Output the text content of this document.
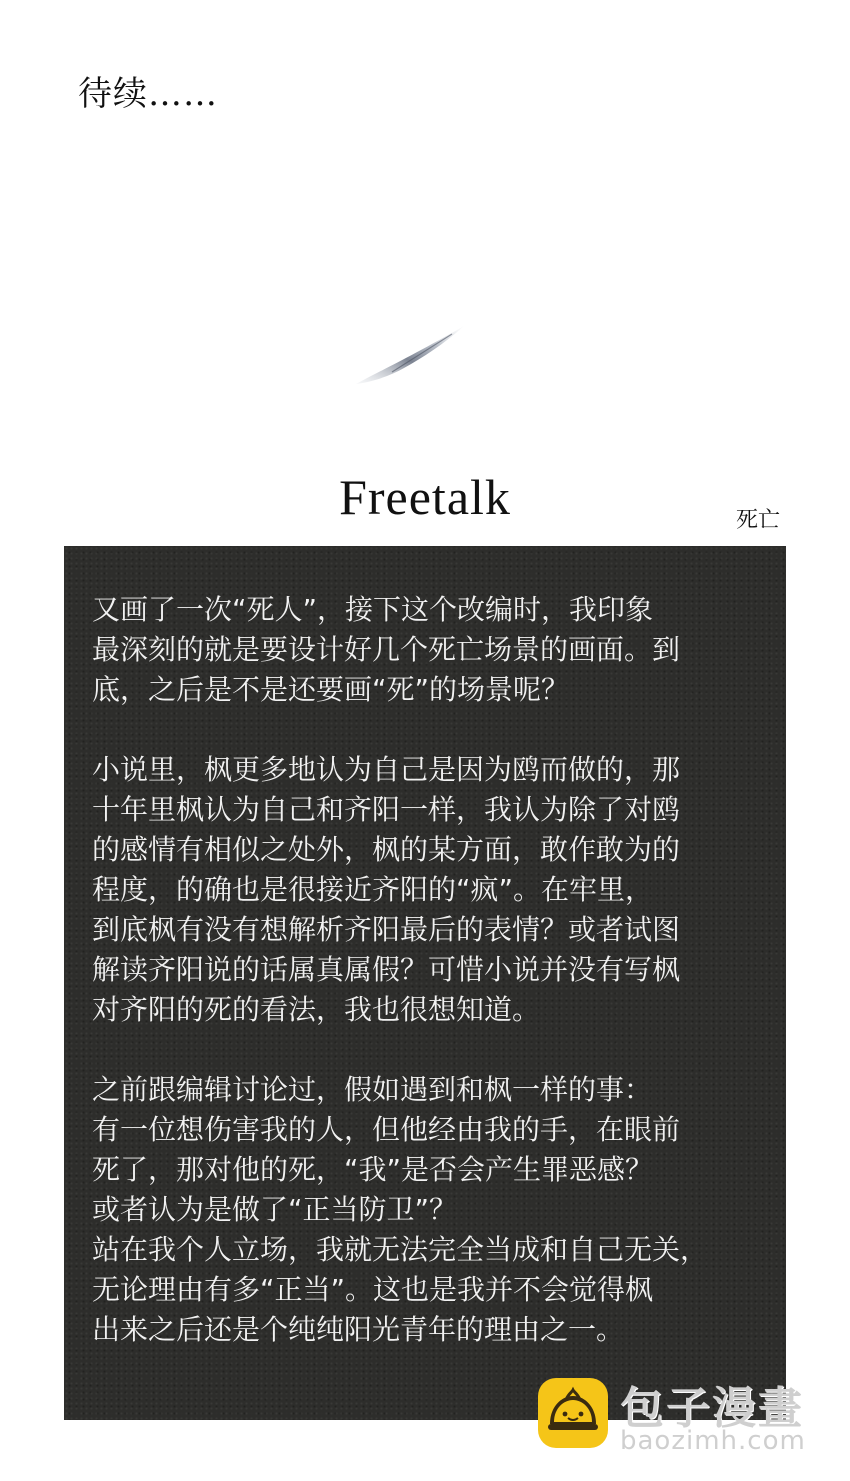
待续……
Freetalk	死亡
又画了一次“死人”，接下这个改编时，我印象
最深刻的就是要设计好几个死亡场景的画面。到
底，之后是不是还要画“死”的场景呢？
小说里，枫更多地认为自己是因为鸥而做的，那
十年里枫认为自己和齐阳一样，我认为除了对鸥
的感情有相似之处外，枫的某方面，敢作敢为的
程度，的确也是很接近齐阳的“疯”。在牢里，
到底枫有没有想解析齐阳最后的表情？或者试图
解读齐阳说的话属真属假？可惜小说并没有写枫
对齐阳的死的看法，我也很想知道。
之前跟编辑讨论过，假如遇到和枫一样的事：
有一位想伤害我的人，但他经由我的手，在眼前
死了，那对他的死，“我”是否会产生罪恶感？
或者认为是做了“正当防卫”？
站在我个人立场，我就无法完全当成和自己无关，
无论理由有多“正当”。这也是我并不会觉得枫
出来之后还是个纯纯阳光青年的理由之一。
包子漫畫
baozimh.com
